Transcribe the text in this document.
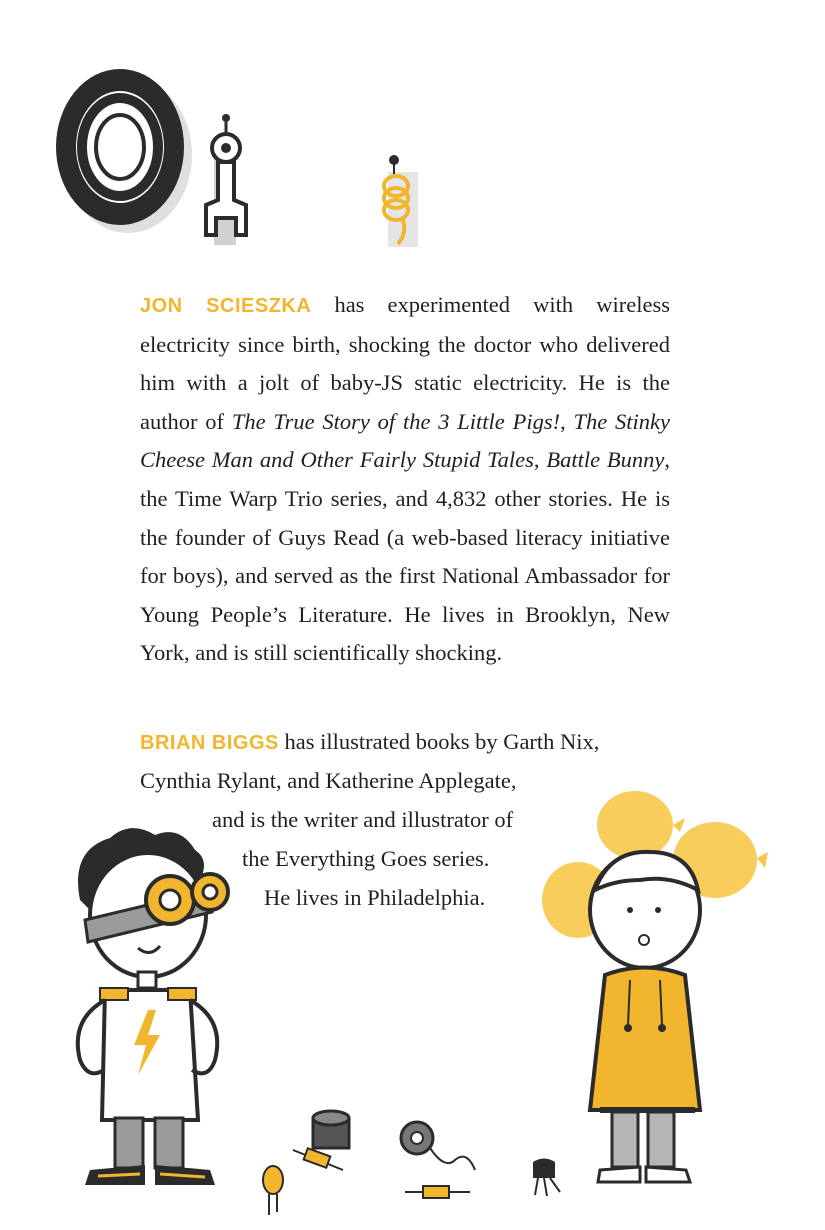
JON SCIESZKA has experimented with wireless electricity since birth, shocking the doctor who delivered him with a jolt of baby-JS static electricity. He is the author of The True Story of the 3 Little Pigs!, The Stinky Cheese Man and Other Fairly Stupid Tales, Battle Bunny, the Time Warp Trio series, and 4,832 other stories. He is the founder of Guys Read (a web-based literacy initiative for boys), and served as the first National Ambassador for Young People’s Literature. He lives in Brooklyn, New York, and is still scientifically shocking.

BRIAN BIGGS has illustrated books by Garth Nix,
Cynthia Rylant, and Katherine Applegate,
and is the writer and illustrator of
the Everything Goes series.
He lives in Philadelphia.
